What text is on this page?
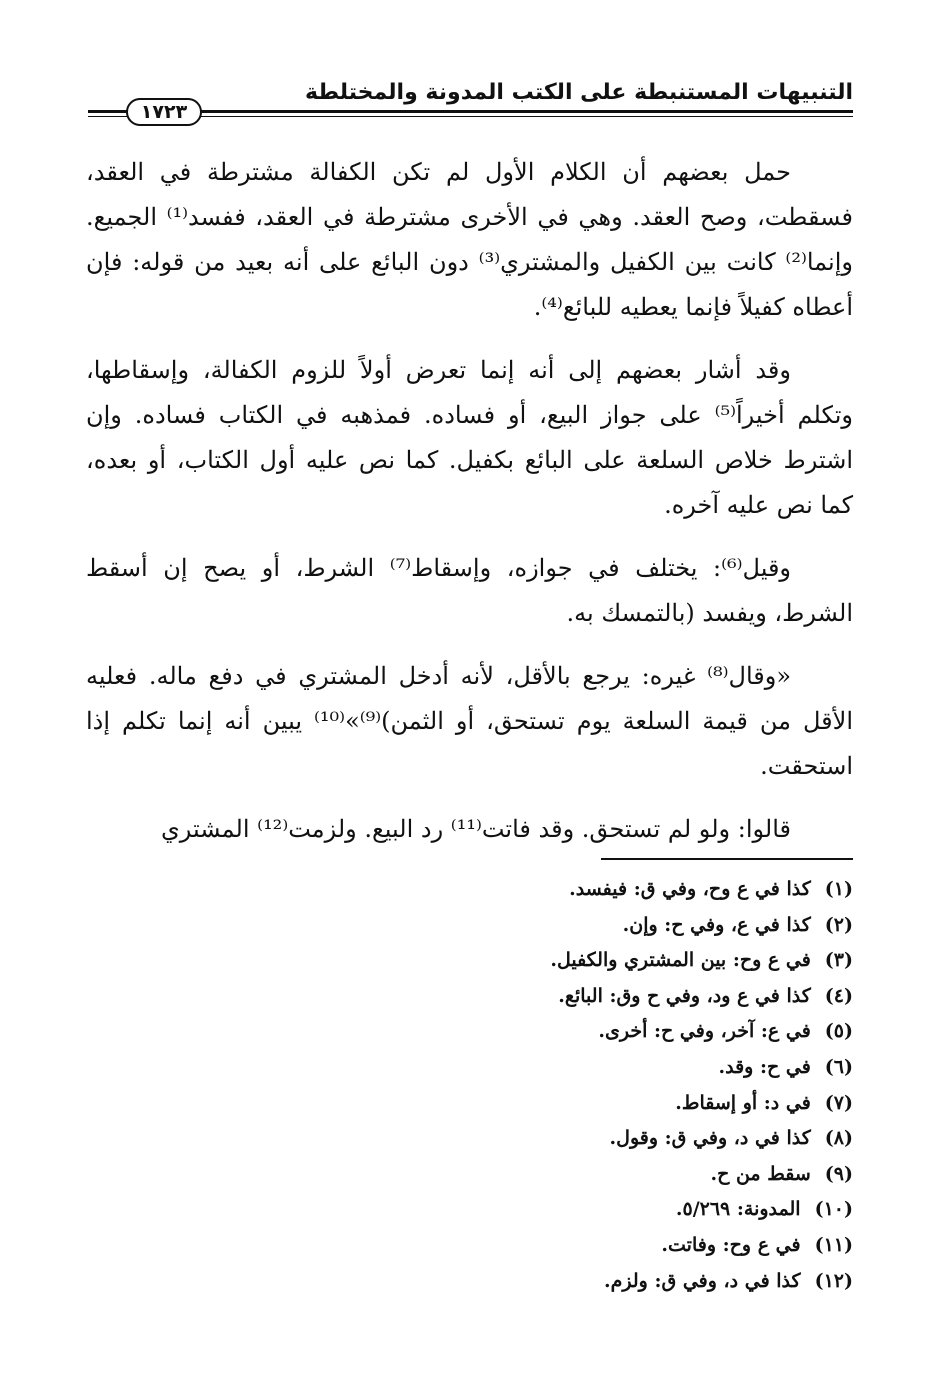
التنبيهات المستنبطة على الكتب المدونة والمختلطة
١٧٢٣

حمل بعضهم أن الكلام الأول لم تكن الكفالة مشترطة في العقد، فسقطت، وصح العقد. وهي في الأخرى مشترطة في العقد، ففسد⁽¹⁾ الجميع. وإنما⁽²⁾ كانت بين الكفيل والمشتري⁽³⁾ دون البائع على أنه بعيد من قوله: فإن أعطاه كفيلاً فإنما يعطيه للبائع⁽⁴⁾.

وقد أشار بعضهم إلى أنه إنما تعرض أولاً للزوم الكفالة، وإسقاطها، وتكلم أخيراً⁽⁵⁾ على جواز البيع، أو فساده. فمذهبه في الكتاب فساده. وإن اشترط خلاص السلعة على البائع بكفيل. كما نص عليه أول الكتاب، أو بعده، كما نص عليه آخره.

وقيل⁽⁶⁾: يختلف في جوازه، وإسقاط⁽⁷⁾ الشرط، أو يصح إن أسقط الشرط، ويفسد (بالتمسك به.

«وقال⁽⁸⁾ غيره: يرجع بالأقل، لأنه أدخل المشتري في دفع ماله. فعليه الأقل من قيمة السلعة يوم تستحق، أو الثمن)⁽⁹⁾»⁽¹⁰⁾ يبين أنه إنما تكلم إذا استحقت.

قالوا: ولو لم تستحق. وقد فاتت⁽¹¹⁾ رد البيع. ولزمت⁽¹²⁾ المشتري

(١)كذا في ع وح، وفي ق: فيفسد.
(٢)كذا في ع، وفي ح: وإن.
(٣)في ع وح: بين المشتري والكفيل.
(٤)كذا في ع ود، وفي ح وق: البائع.
(٥)في ع: آخر، وفي ح: أخرى.
(٦)في ح: وقد.
(٧)في د: أو إسقاط.
(٨)كذا في د، وفي ق: وقول.
(٩)سقط من ح.
(١٠)المدونة: ٥/٢٦٩.
(١١)في ع وح: وفاتت.
(١٢)كذا في د، وفي ق: ولزم.
